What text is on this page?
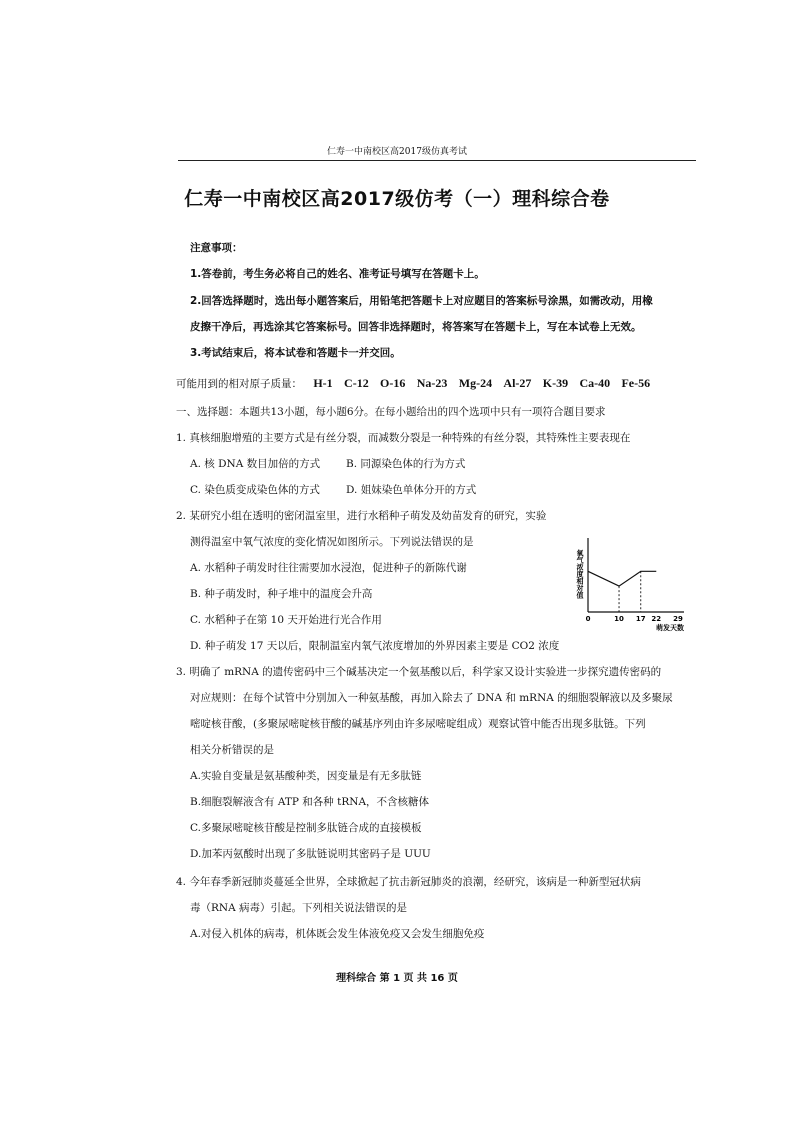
仁寿一中南校区高2017级仿真考试
仁寿一中南校区高2017级仿考（一）理科综合卷
注意事项：
1.答卷前，考生务必将自己的姓名、准考证号填写在答题卡上。
2.回答选择题时，选出每小题答案后，用铅笔把答题卡上对应题目的答案标号涂黑，如需改动，用橡
皮擦干净后，再选涂其它答案标号。回答非选择题时，将答案写在答题卡上，写在本试卷上无效。
3.考试结束后，将本试卷和答题卡一并交回。
可能用到的相对原子质量： H-1 C-12 O-16 Na-23 Mg-24 Al-27 K-39 Ca-40 Fe-56
一、选择题：本题共13小题，每小题6分。在每小题给出的四个选项中只有一项符合题目要求
1. 真核细胞增殖的主要方式是有丝分裂，而减数分裂是一种特殊的有丝分裂，其特殊性主要表现在
A. 核 DNA 数目加倍的方式 B. 同源染色体的行为方式
C. 染色质变成染色体的方式 D. 姐妹染色单体分开的方式
2. 某研究小组在透明的密闭温室里，进行水稻种子萌发及幼苗发育的研究，实验
测得温室中氧气浓度的变化情况如图所示。下列说法错误的是
A. 水稻种子萌发时往往需要加水浸泡，促进种子的新陈代谢
B. 种子萌发时，种子堆中的温度会升高
C. 水稻种子在第 10 天开始进行光合作用
D. 种子萌发 17 天以后，限制温室内氧气浓度增加的外界因素主要是 CO2 浓度
氧气浓度相对值
0	10 17 22 29
萌发天数
3. 明确了 mRNA 的遗传密码中三个碱基决定一个氨基酸以后，科学家又设计实验进一步探究遗传密码的
对应规则：在每个试管中分别加入一种氨基酸，再加入除去了 DNA 和 mRNA 的细胞裂解液以及多聚尿
嘧啶核苷酸，(多聚尿嘧啶核苷酸的碱基序列由许多尿嘧啶组成）观察试管中能否出现多肽链。下列
相关分析错误的是
A.实验自变量是氨基酸种类，因变量是有无多肽链
B.细胞裂解液含有 ATP 和各种 tRNA，不含核糖体
C.多聚尿嘧啶核苷酸是控制多肽链合成的直接模板
D.加苯丙氨酸时出现了多肽链说明其密码子是 UUU
4. 今年春季新冠肺炎蔓延全世界，全球掀起了抗击新冠肺炎的浪潮，经研究，该病是一种新型冠状病
毒（RNA 病毒）引起。下列相关说法错误的是
A.对侵入机体的病毒，机体既会发生体液免疫又会发生细胞免疫
理科综合 第 1 页 共 16 页
